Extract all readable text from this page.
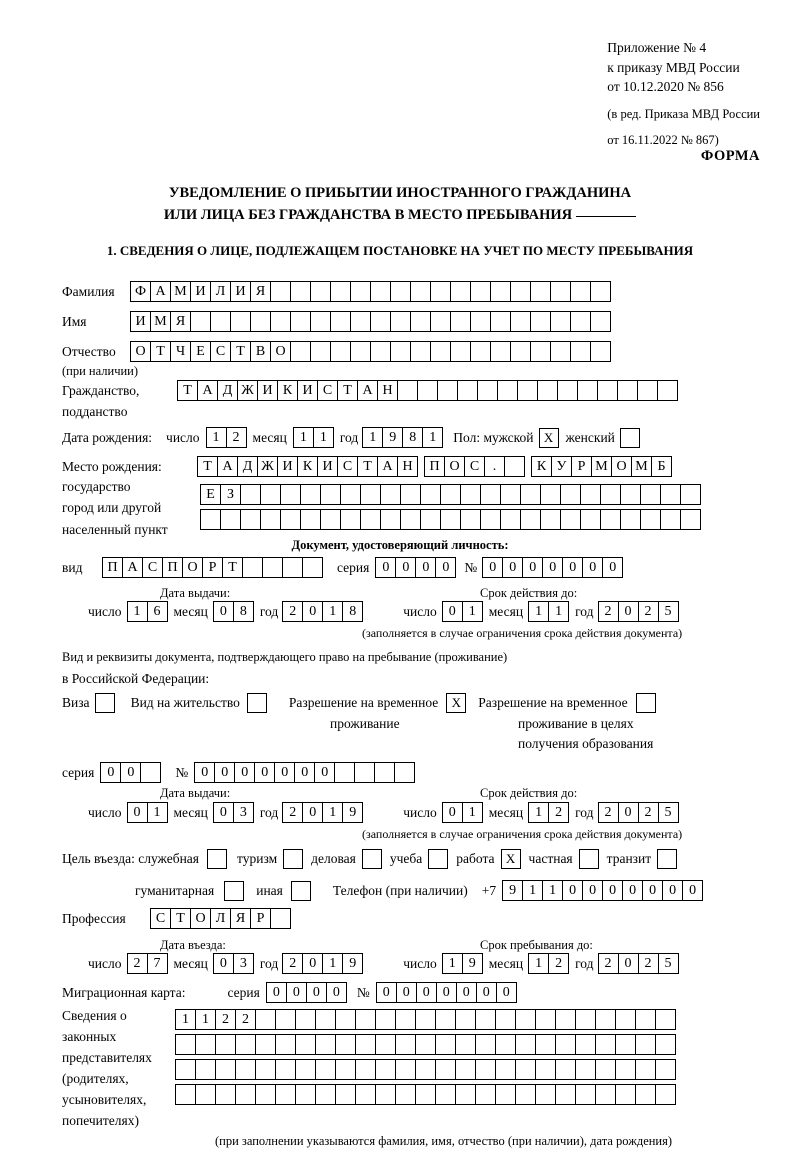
Приложение № 4
к приказу МВД России
от 10.12.2020 № 856
(в ред. Приказа МВД России
от 16.11.2022 № 867)
ФОРМА
УВЕДОМЛЕНИЕ О ПРИБЫТИИ ИНОСТРАННОГО ГРАЖДАНИНА
ИЛИ ЛИЦА БЕЗ ГРАЖДАНСТВА В МЕСТО ПРЕБЫВАНИЯ
1. СВЕДЕНИЯ О ЛИЦЕ, ПОДЛЕЖАЩЕМ ПОСТАНОВКЕ НА УЧЕТ ПО МЕСТУ ПРЕБЫВАНИЯ
Фамилия	Ф А М И Л И Я
Имя	И М Я
Отчество	О Т Ч Е С Т В О
(при наличии)
Гражданство,	Т А Д Ж И К И С Т А Н
подданство
Дата рождения: число 1 2 месяц 1 1 год 1 9 8 1	Пол: мужской Х женский
Место рождения:	Т А Д Ж И К И С Т А Н	П О С .	К У Р М О М Б
государство
Е З
город или другой
населенный пункт
Документ, удостоверяющий личность:
вид	П А С П О Р Т	серия 0 0 0 0	№ 0 0 0 0 0 0 0
Дата выдачи:	Срок действия до:
число 1 6 месяц 0 8 год 2 0 1 8	число 0 1 месяц 1 1 год 2 0 2 5
(заполняется в случае ограничения срока действия документа)
Вид и реквизиты документа, подтверждающего право на пребывание (проживание)
в Российской Федерации:
Виза	Вид на жительство	Разрешение на временное	Х	Разрешение на временное
проживание	проживание в целях
получения образования
серия 0 0	№ 0 0 0 0 0 0 0
Дата выдачи:	Срок действия до:
число 0 1 месяц 0 3 год 2 0 1 9	число 0 1 месяц 1 2 год 2 0 2 5
(заполняется в случае ограничения срока действия документа)
Цель въезда: служебная	туризм	деловая	учеба	работа Х частная	транзит
гуманитарная	иная	Телефон (при наличии) +7 9 1 1 0 0 0 0 0 0 0
Профессия	С Т О Л Я Р
Дата въезда:	Срок пребывания до:
число 2 7 месяц 0 3 год 2 0 1 9	число 1 9 месяц 1 2 год 2 0 2 5
Миграционная карта:	серия 0 0 0 0	№ 0 0 0 0 0 0 0
Сведения о
законных
представителях
(родителях,
усыновителях,
попечителях)
1 1 2 2
(при заполнении указываются фамилия, имя, отчество (при наличии), дата рождения)
